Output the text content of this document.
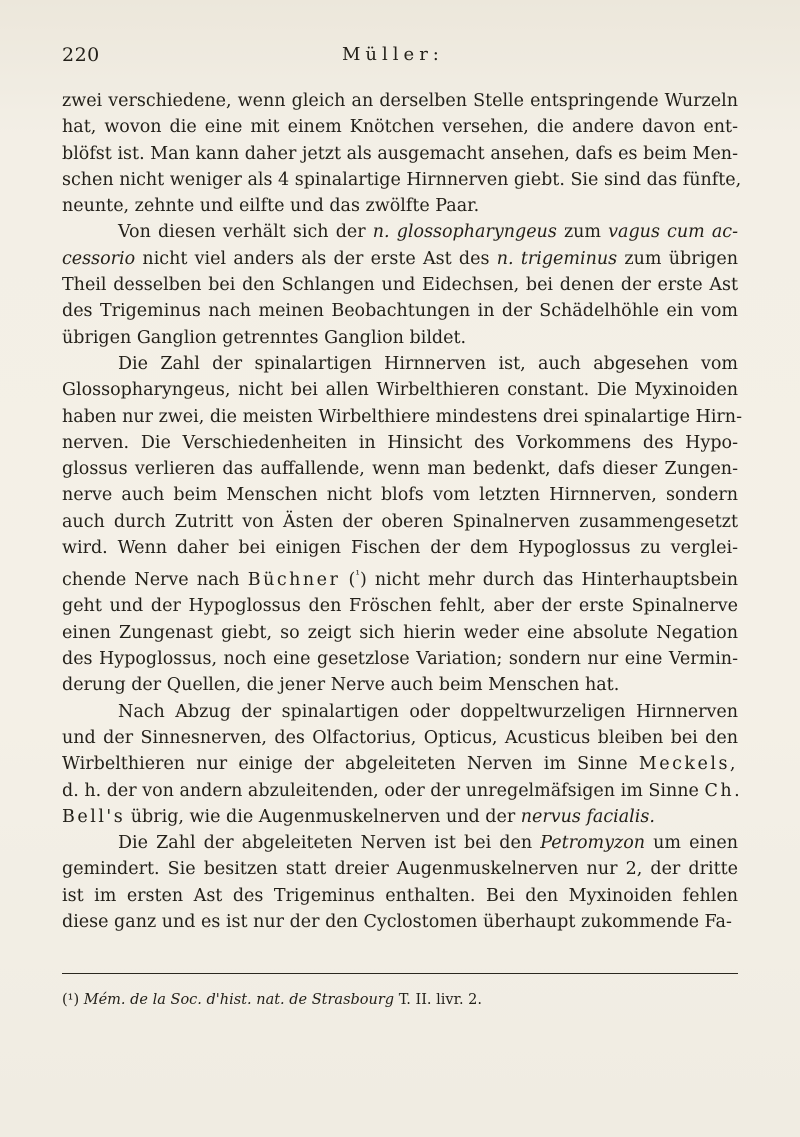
220	Müller:

zwei verschiedene, wenn gleich an derselben Stelle entspringende Wurzeln
hat, wovon die eine mit einem Knötchen versehen, die andere davon ent-
blöfst ist. Man kann daher jetzt als ausgemacht ansehen, dafs es beim Men-
schen nicht weniger als 4 spinalartige Hirnnerven giebt. Sie sind das fünfte,
neunte, zehnte und eilfte und das zwölfte Paar.

Von diesen verhält sich der n. glossopharyngeus zum vagus cum ac-
cessorio nicht viel anders als der erste Ast des n. trigeminus zum übrigen
Theil desselben bei den Schlangen und Eidechsen, bei denen der erste Ast
des Trigeminus nach meinen Beobachtungen in der Schädelhöhle ein vom
übrigen Ganglion getrenntes Ganglion bildet.

Die Zahl der spinalartigen Hirnnerven ist, auch abgesehen vom
Glossopharyngeus, nicht bei allen Wirbelthieren constant. Die Myxinoiden
haben nur zwei, die meisten Wirbelthiere mindestens drei spinalartige Hirn-
nerven. Die Verschiedenheiten in Hinsicht des Vorkommens des Hypo-
glossus verlieren das auffallende, wenn man bedenkt, dafs dieser Zungen-
nerve auch beim Menschen nicht blofs vom letzten Hirnnerven, sondern
auch durch Zutritt von Ästen der oberen Spinalnerven zusammengesetzt
wird. Wenn daher bei einigen Fischen der dem Hypoglossus zu verglei-
chende Nerve nach Büchner ($^{^1}$) nicht mehr durch das Hinterhauptsbein
geht und der Hypoglossus den Fröschen fehlt, aber der erste Spinalnerve
einen Zungenast giebt, so zeigt sich hierin weder eine absolute Negation
des Hypoglossus, noch eine gesetzlose Variation; sondern nur eine Vermin-
derung der Quellen, die jener Nerve auch beim Menschen hat.

Nach Abzug der spinalartigen oder doppeltwurzeligen Hirnnerven
und der Sinnesnerven, des Olfactorius, Opticus, Acusticus bleiben bei den
Wirbelthieren nur einige der abgeleiteten Nerven im Sinne Meckels,
d. h. der von andern abzuleitenden, oder der unregelmäfsigen im Sinne Ch.
Bell's übrig, wie die Augenmuskelnerven und der nervus facialis.

Die Zahl der abgeleiteten Nerven ist bei den Petromyzon um einen
gemindert. Sie besitzen statt dreier Augenmuskelnerven nur 2, der dritte
ist im ersten Ast des Trigeminus enthalten. Bei den Myxinoiden fehlen
diese ganz und es ist nur der den Cyclostomen überhaupt zukommende Fa-

(¹) Mém. de la Soc. d'hist. nat. de Strasbourg T. II. livr. 2.
